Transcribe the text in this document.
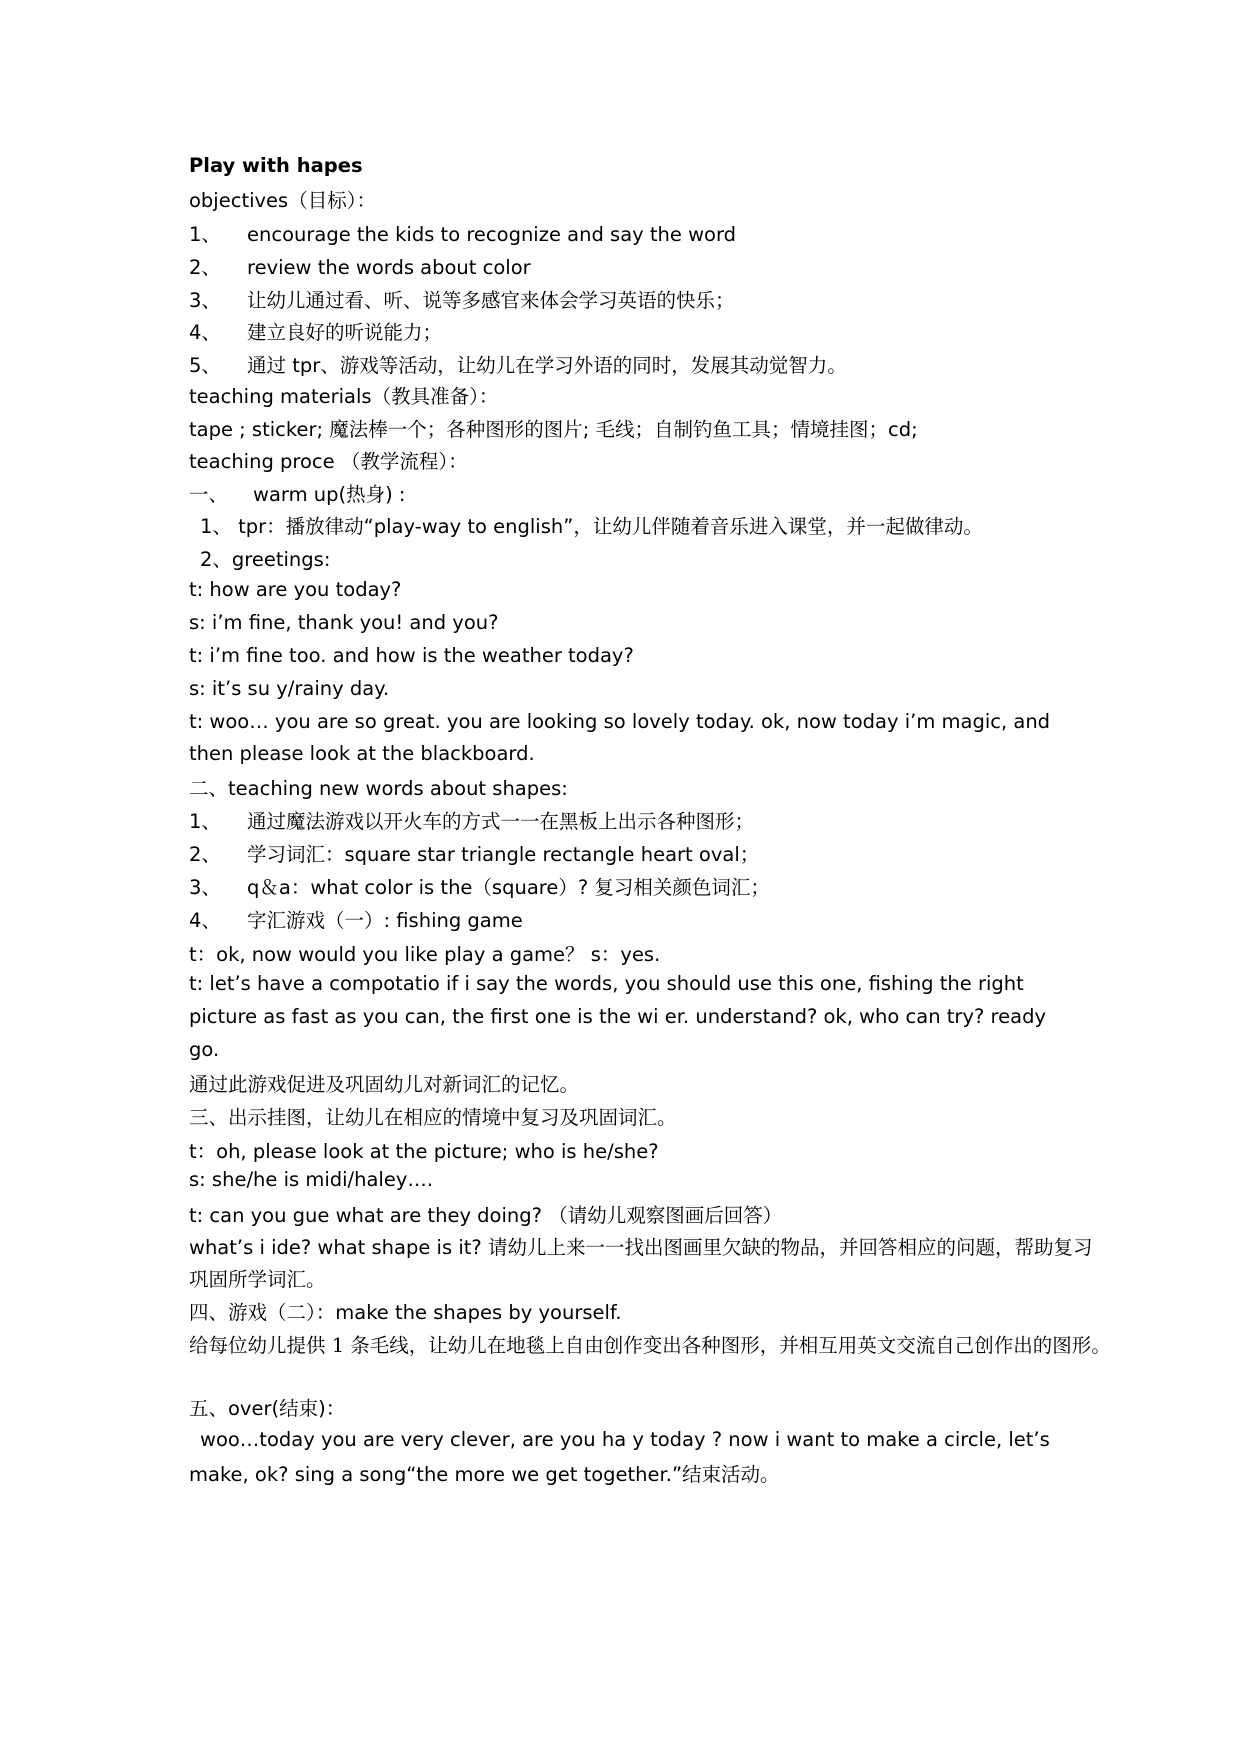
Play with hapes

objectives（目标）：

1、 encourage the kids to recognize and say the word

2、 review the words about color

3、 让幼儿通过看、听、说等多感官来体会学习英语的快乐；

4、 建立良好的听说能力；

5、 通过 tpr、游戏等活动，让幼儿在学习外语的同时，发展其动觉智力。

teaching materials（教具准备）：

tape ; sticker; 魔法棒一个；各种图形的图片; 毛线；自制钓鱼工具；情境挂图；cd;

teaching proce （教学流程）：

一、 warm up(热身) :

1、 tpr：播放律动“play-way to english”，让幼儿伴随着音乐进入课堂，并一起做律动。

2、greetings:

t: how are you today?

s: i’m fine, thank you! and you?

t: i’m fine too. and how is the weather today?

s: it’s su y/rainy day.

t: woo… you are so great. you are looking so lovely today. ok, now today i’m magic, and

then please look at the blackboard.

二、teaching new words about shapes:

1、 通过魔法游戏以开火车的方式一一在黑板上出示各种图形；

2、 学习词汇：square star triangle rectangle heart oval；

3、 q＆a：what color is the（square）? 复习相关颜色词汇；

4、 字汇游戏（一）: fishing game

t：ok, now would you like play a game？ s：yes.

t: let’s have a compotatio if i say the words, you should use this one, fishing the right

picture as fast as you can, the first one is the wi er. understand? ok, who can try? ready

go.

通过此游戏促进及巩固幼儿对新词汇的记忆。

三、出示挂图，让幼儿在相应的情境中复习及巩固词汇。

t：oh, please look at the picture; who is he/she?

s: she/he is midi/haley….

t: can you gue what are they doing? （请幼儿观察图画后回答）

what’s i ide? what shape is it? 请幼儿上来一一找出图画里欠缺的物品，并回答相应的问题，帮助复习

巩固所学词汇。

四、游戏（二）：make the shapes by yourself.

给每位幼儿提供 1 条毛线，让幼儿在地毯上自由创作变出各种图形，并相互用英文交流自己创作出的图形。

五、over(结束)：

woo…today you are very clever, are you ha y today ? now i want to make a circle, let’s

make, ok? sing a song“the more we get together.”结束活动。
